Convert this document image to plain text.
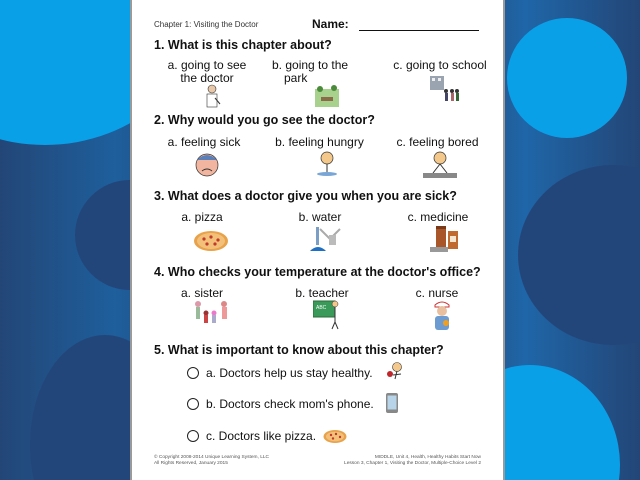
Chapter 1: Visiting the Doctor	Name:
1. What is this chapter about?
a. going to see
the doctor
b. going to the
park
c. going to school
2. Why would you go see the doctor?
a. feeling sick	b. feeling hungry	c. feeling bored
3. What does a doctor give you when you are sick?
a. pizza	b. water	c. medicine
4. Who checks your temperature at the doctor's office?
a. sister	b. teacher
ABC
c. nurse
5. What is important to know about this chapter?
a. Doctors help us stay healthy.
b. Doctors check mom's phone.
c. Doctors like pizza.
© Copyright 2008-2014 Unique Learning System, LLC
All Rights Reserved, January 2015
MIDDLE, Unit 4, Health, Healthy Habits Start Now
Lesson 3, Chapter 1, Visiting the Doctor, Multiple-Choice Level 2
